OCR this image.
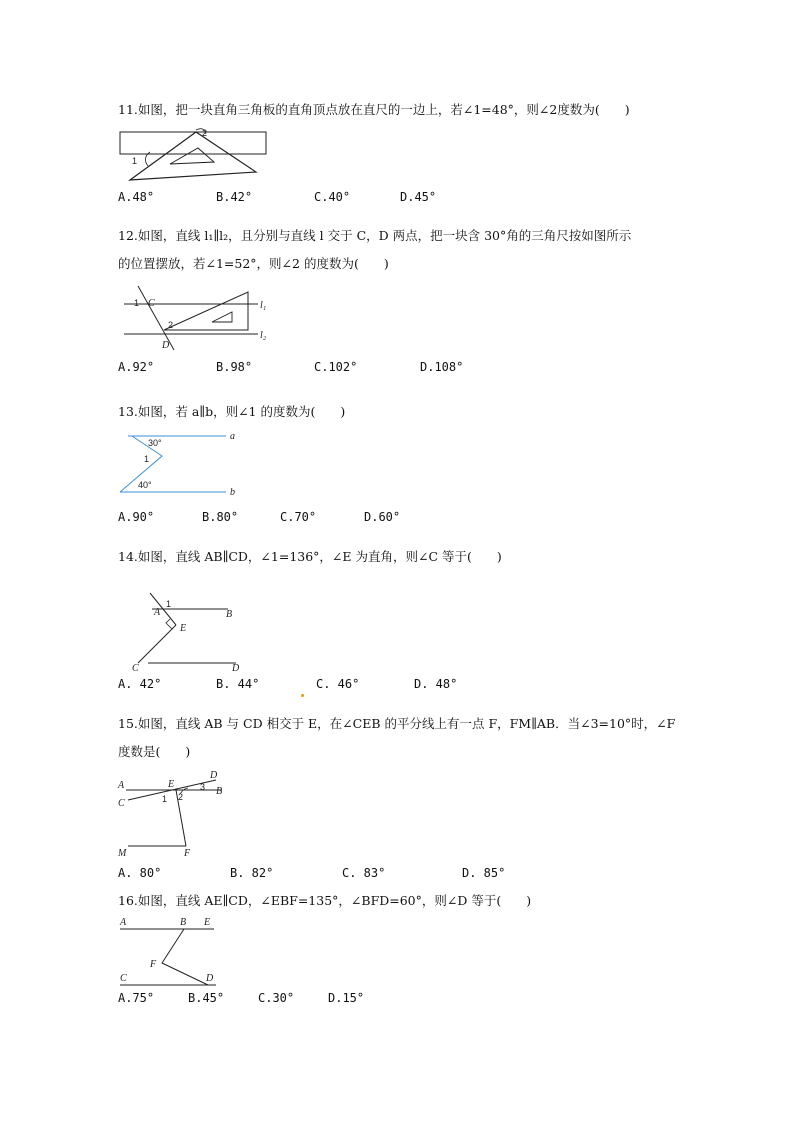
11.如图，把一块直角三角板的直角顶点放在直尺的一边上，若∠1=48°，则∠2度数为(　　)

1
2
A.48°	B.42°	C.40°	D.45°

12.如图，直线 l₁∥l₂，且分别与直线 l 交于 C，D 两点，把一块含 30°角的三角尺按如图所示

的位置摆放，若∠1=52°，则∠2 的度数为(　　)

C
D
1
2
l₁
l₂
A.92°	B.98°	C.102°	D.108°

13.如图，若 a∥b，则∠1 的度数为(　　)

a
b
30°
1
40°
A.90°	B.80°	C.70°	D.60°

14.如图，直线 AB∥CD，∠1=136°，∠E 为直角，则∠C 等于(　　)

A	B
C	D
E
1
A. 42°	B. 44°	C. 46°	D. 48°

15.如图，直线 AB 与 CD 相交于 E，在∠CEB 的平分线上有一点 F，FM∥AB．当∠3=10°时，∠F

度数是(　　)

A
B
C
D
E
F
M
1 2
3
A. 80°	B. 82°	C. 83°	D. 85°

16.如图，直线 AE∥CD，∠EBF=135°，∠BFD=60°，则∠D 等于(　　)

A	B E
F
C	D
A.75°	B.45°	C.30°	D.15°
